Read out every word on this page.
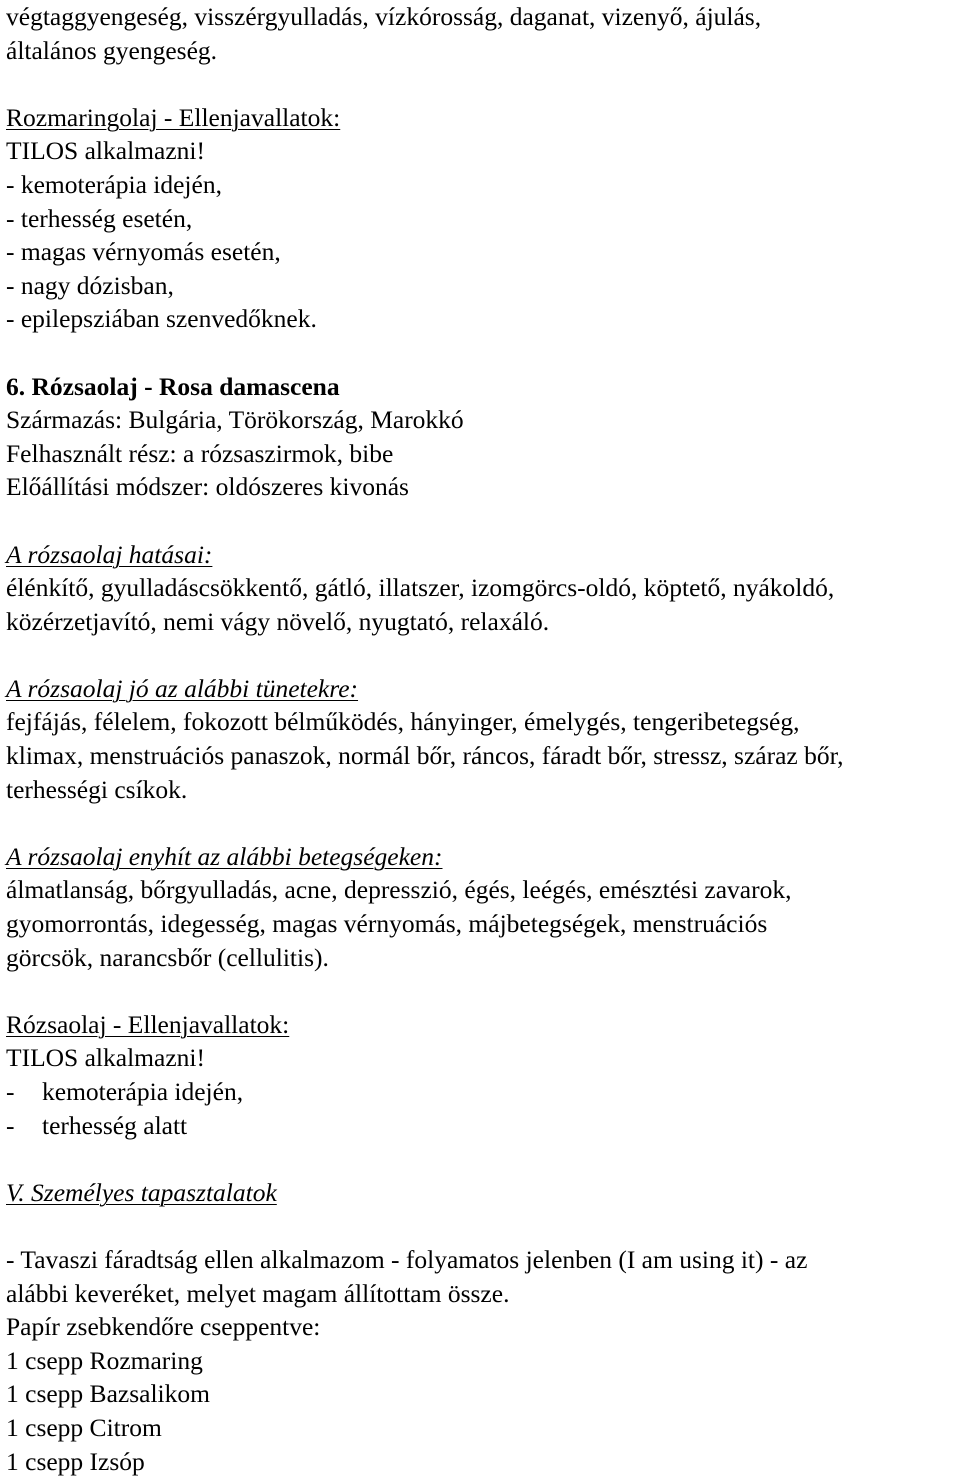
végtaggyengeség, visszérgyulladás, vízkórosság, daganat, vizenyő, ájulás,
általános gyengeség.
Rozmaringolaj - Ellenjavallatok:
TILOS alkalmazni!
- kemoterápia idején,
- terhesség esetén,
- magas vérnyomás esetén,
- nagy dózisban,
- epilepsziában szenvedőknek.
6. Rózsaolaj - Rosa damascena
Származás: Bulgária, Törökország, Marokkó
Felhasznált rész: a rózsaszirmok, bibe
Előállítási módszer: oldószeres kivonás
A rózsaolaj hatásai:
élénkítő, gyulladáscsökkentő, gátló, illatszer, izomgörcs-oldó, köptető, nyákoldó,
közérzetjavító, nemi vágy növelő, nyugtató, relaxáló.
A rózsaolaj jó az alábbi tünetekre:
fejfájás, félelem, fokozott bélműködés, hányinger, émelygés, tengeribetegség,
klimax, menstruációs panaszok, normál bőr, ráncos, fáradt bőr, stressz, száraz bőr,
terhességi csíkok.
A rózsaolaj enyhít az alábbi betegségeken:
álmatlanság, bőrgyulladás, acne, depresszió, égés, leégés, emésztési zavarok,
gyomorrontás, idegesség, magas vérnyomás, májbetegségek, menstruációs
görcsök, narancsbőr (cellulitis).
Rózsaolaj - Ellenjavallatok:
TILOS alkalmazni!
- kemoterápia idején,
- terhesség alatt
V. Személyes tapasztalatok
- Tavaszi fáradtság ellen alkalmazom - folyamatos jelenben (I am using it) - az
alábbi keveréket, melyet magam állítottam össze.
Papír zsebkendőre cseppentve:
1 csepp Rozmaring
1 csepp Bazsalikom
1 csepp Citrom
1 csepp Izsóp
